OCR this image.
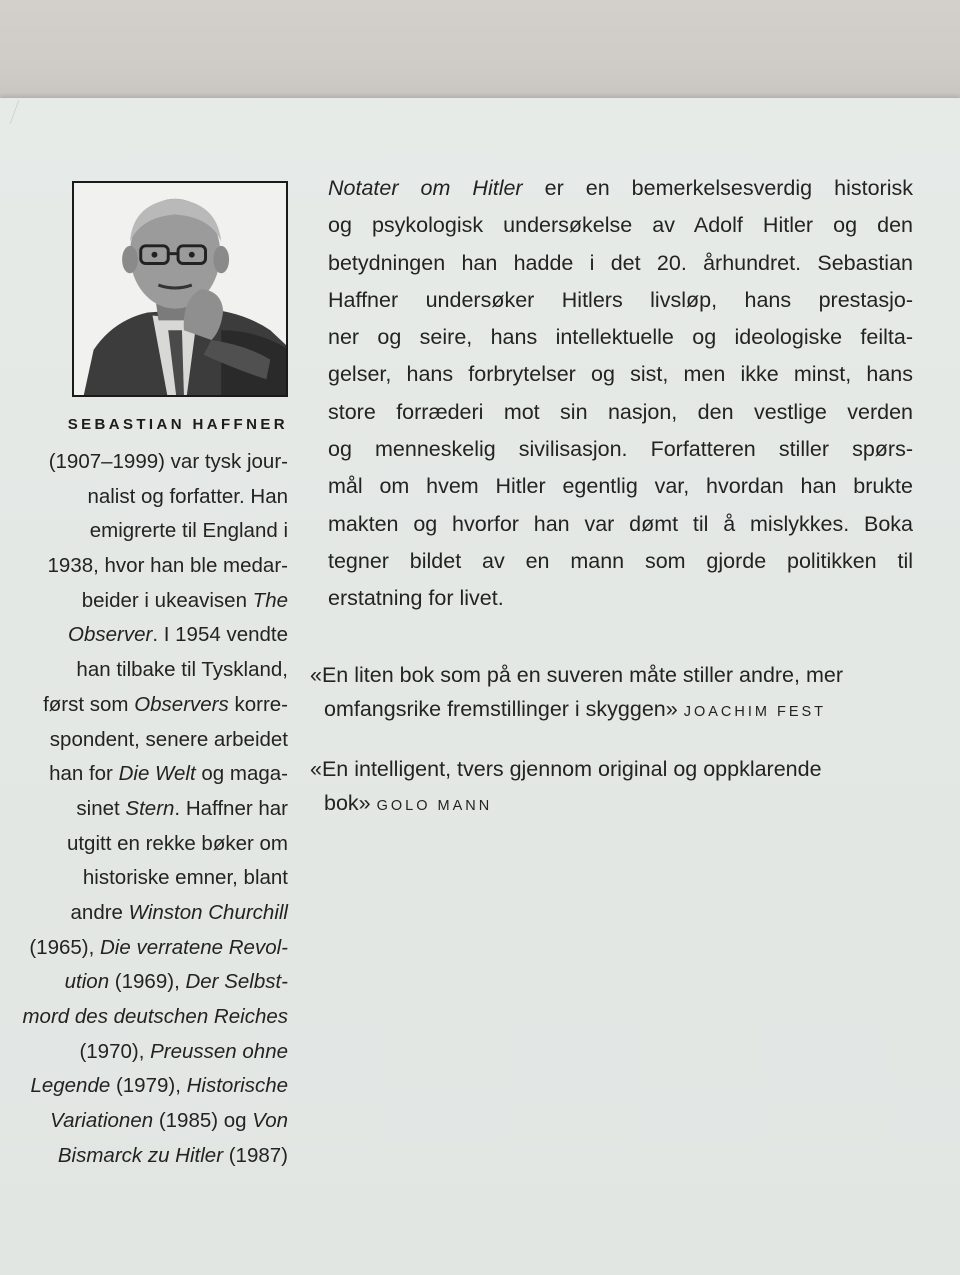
SEBASTIAN HAFFNER
(1907–1999) var tysk jour-
nalist og forfatter. Han
emigrerte til England i
1938, hvor han ble medar-
beider i ukeavisen The
Observer. I 1954 vendte
han tilbake til Tyskland,
først som Observers korre-
spondent, senere arbeidet
han for Die Welt og maga-
sinet Stern. Haffner har
utgitt en rekke bøker om
historiske emner, blant
andre Winston Churchill
(1965), Die verratene Revol-
ution (1969), Der Selbst-
mord des deutschen Reiches
(1970), Preussen ohne
Legende (1979), Historische
Variationen (1985) og Von
Bismarck zu Hitler (1987)
Notater om Hitler er en bemerkelsesverdig historisk
og psykologisk undersøkelse av Adolf Hitler og den
betydningen han hadde i det 20. århundret. Sebastian
Haffner undersøker Hitlers livsløp, hans prestasjo-
ner og seire, hans intellektuelle og ideologiske feilta-
gelser, hans forbrytelser og sist, men ikke minst, hans
store forræderi mot sin nasjon, den vestlige verden
og menneskelig sivilisasjon. Forfatteren stiller spørs-
mål om hvem Hitler egentlig var, hvordan han brukte
makten og hvorfor han var dømt til å mislykkes. Boka
tegner bildet av en mann som gjorde politikken til
erstatning for livet.
«En liten bok som på en suveren måte stiller andre, mer
omfangsrike fremstillinger i skyggen» JOACHIM FEST
«En intelligent, tvers gjennom original og oppklarende
bok» GOLO MANN
